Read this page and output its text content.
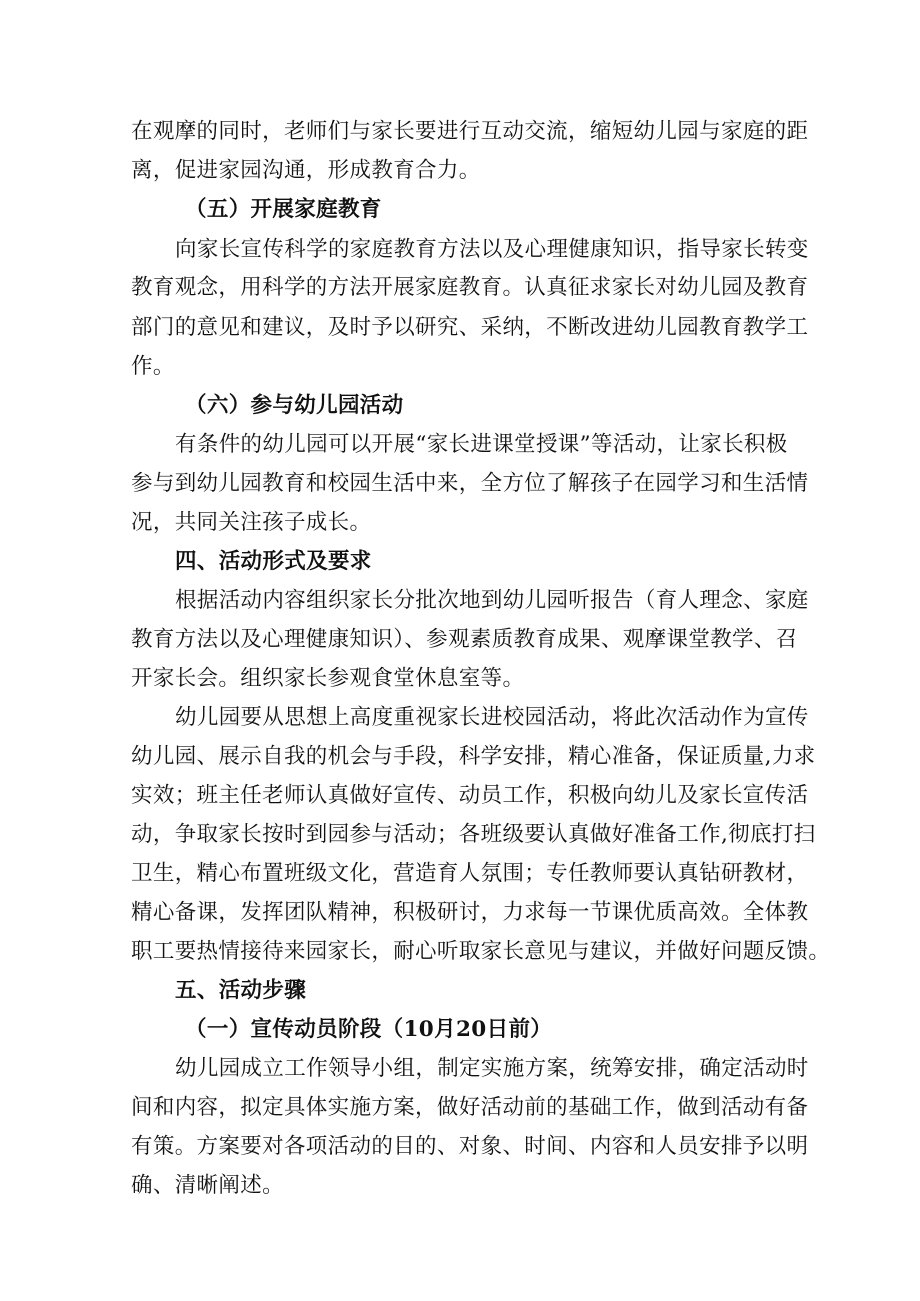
在观摩的同时，老师们与家长要进行互动交流，缩短幼儿园与家庭的距
离，促进家园沟通，形成教育合力。
（五）开展家庭教育
向家长宣传科学的家庭教育方法以及心理健康知识，指导家长转变
教育观念，用科学的方法开展家庭教育。认真征求家长对幼儿园及教育
部门的意见和建议，及时予以研究、采纳，不断改进幼儿园教育教学工
作。
（六）参与幼儿园活动
有条件的幼儿园可以开展“家长进课堂授课”等活动，让家长积极
参与到幼儿园教育和校园生活中来，全方位了解孩子在园学习和生活情
况，共同关注孩子成长。
四、活动形式及要求
根据活动内容组织家长分批次地到幼儿园听报告（育人理念、家庭
教育方法以及心理健康知识）、参观素质教育成果、观摩课堂教学、召
开家长会。组织家长参观食堂休息室等。
幼儿园要从思想上高度重视家长进校园活动，将此次活动作为宣传
幼儿园、展示自我的机会与手段，科学安排，精心准备，保证质量,力求
实效；班主任老师认真做好宣传、动员工作，积极向幼儿及家长宣传活
动，争取家长按时到园参与活动；各班级要认真做好准备工作,彻底打扫
卫生，精心布置班级文化，营造育人氛围；专任教师要认真钻研教材，
精心备课，发挥团队精神，积极研讨，力求每一节课优质高效。全体教
职工要热情接待来园家长，耐心听取家长意见与建议，并做好问题反馈。
五、活动步骤
（一）宣传动员阶段（10月20日前）
幼儿园成立工作领导小组，制定实施方案，统筹安排，确定活动时
间和内容，拟定具体实施方案，做好活动前的基础工作，做到活动有备
有策。方案要对各项活动的目的、对象、时间、内容和人员安排予以明
确、清晰阐述。
